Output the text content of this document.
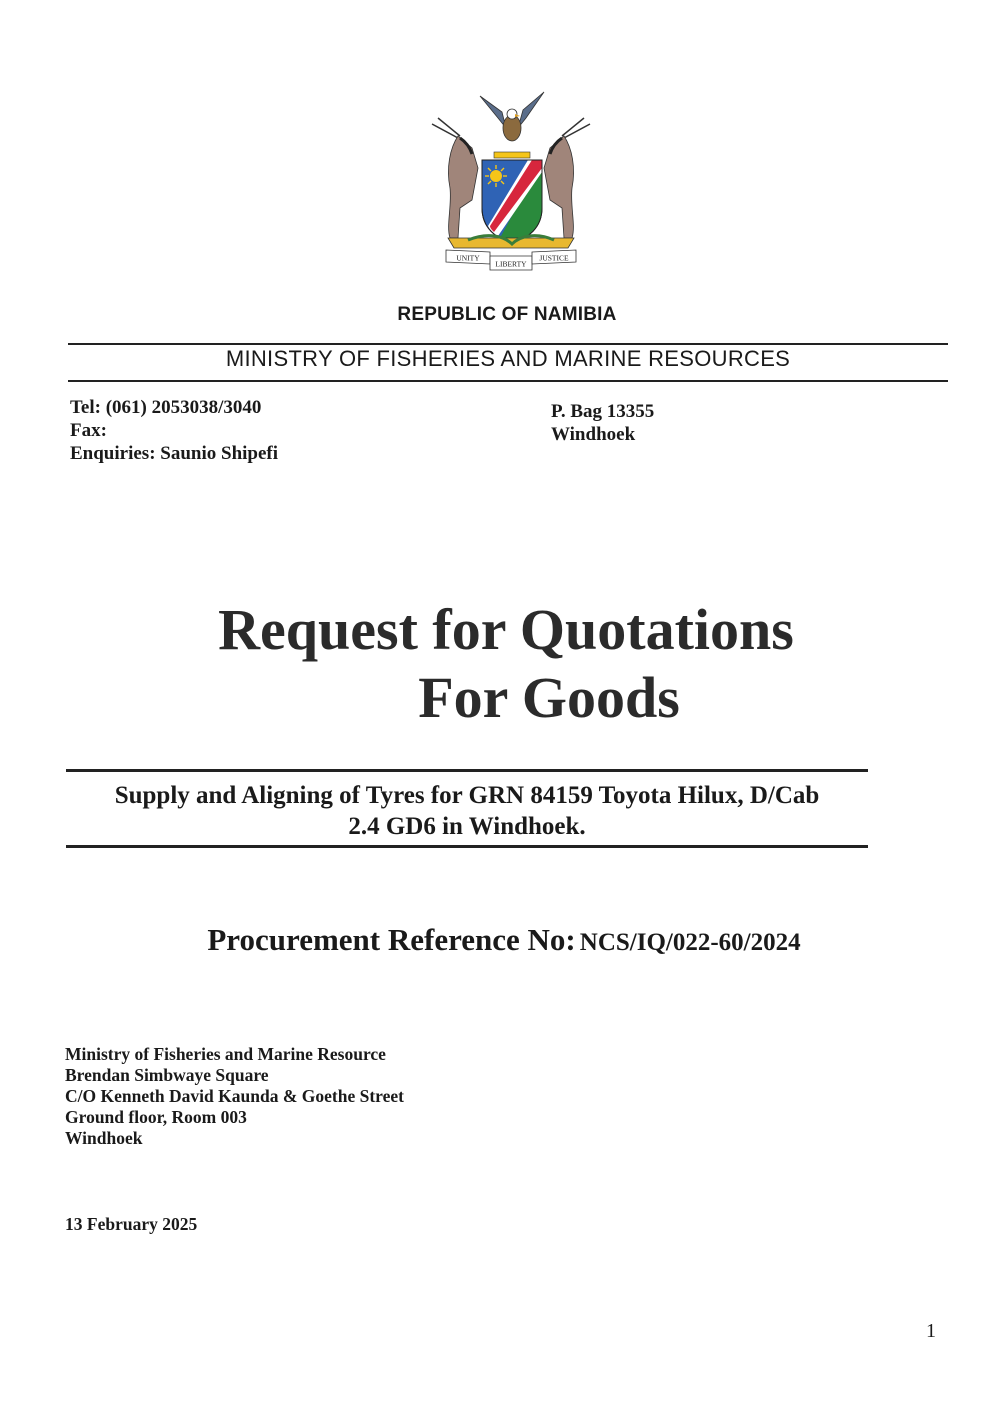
UNITY
LIBERTY
JUSTICE
REPUBLIC OF NAMIBIA
MINISTRY OF FISHERIES AND MARINE RESOURCES
Tel: (061) 2053038/3040
Fax:
Enquiries: Saunio Shipefi
P. Bag 13355
Windhoek
Request for Quotations
For Goods
Supply and Aligning of Tyres for GRN 84159 Toyota Hilux, D/Cab
2.4 GD6 in Windhoek.
Procurement Reference No: NCS/IQ/022-60/2024
Ministry of Fisheries and Marine Resource
Brendan Simbwaye Square
C/O Kenneth David Kaunda & Goethe Street
Ground floor, Room 003
Windhoek
13 February 2025
1
